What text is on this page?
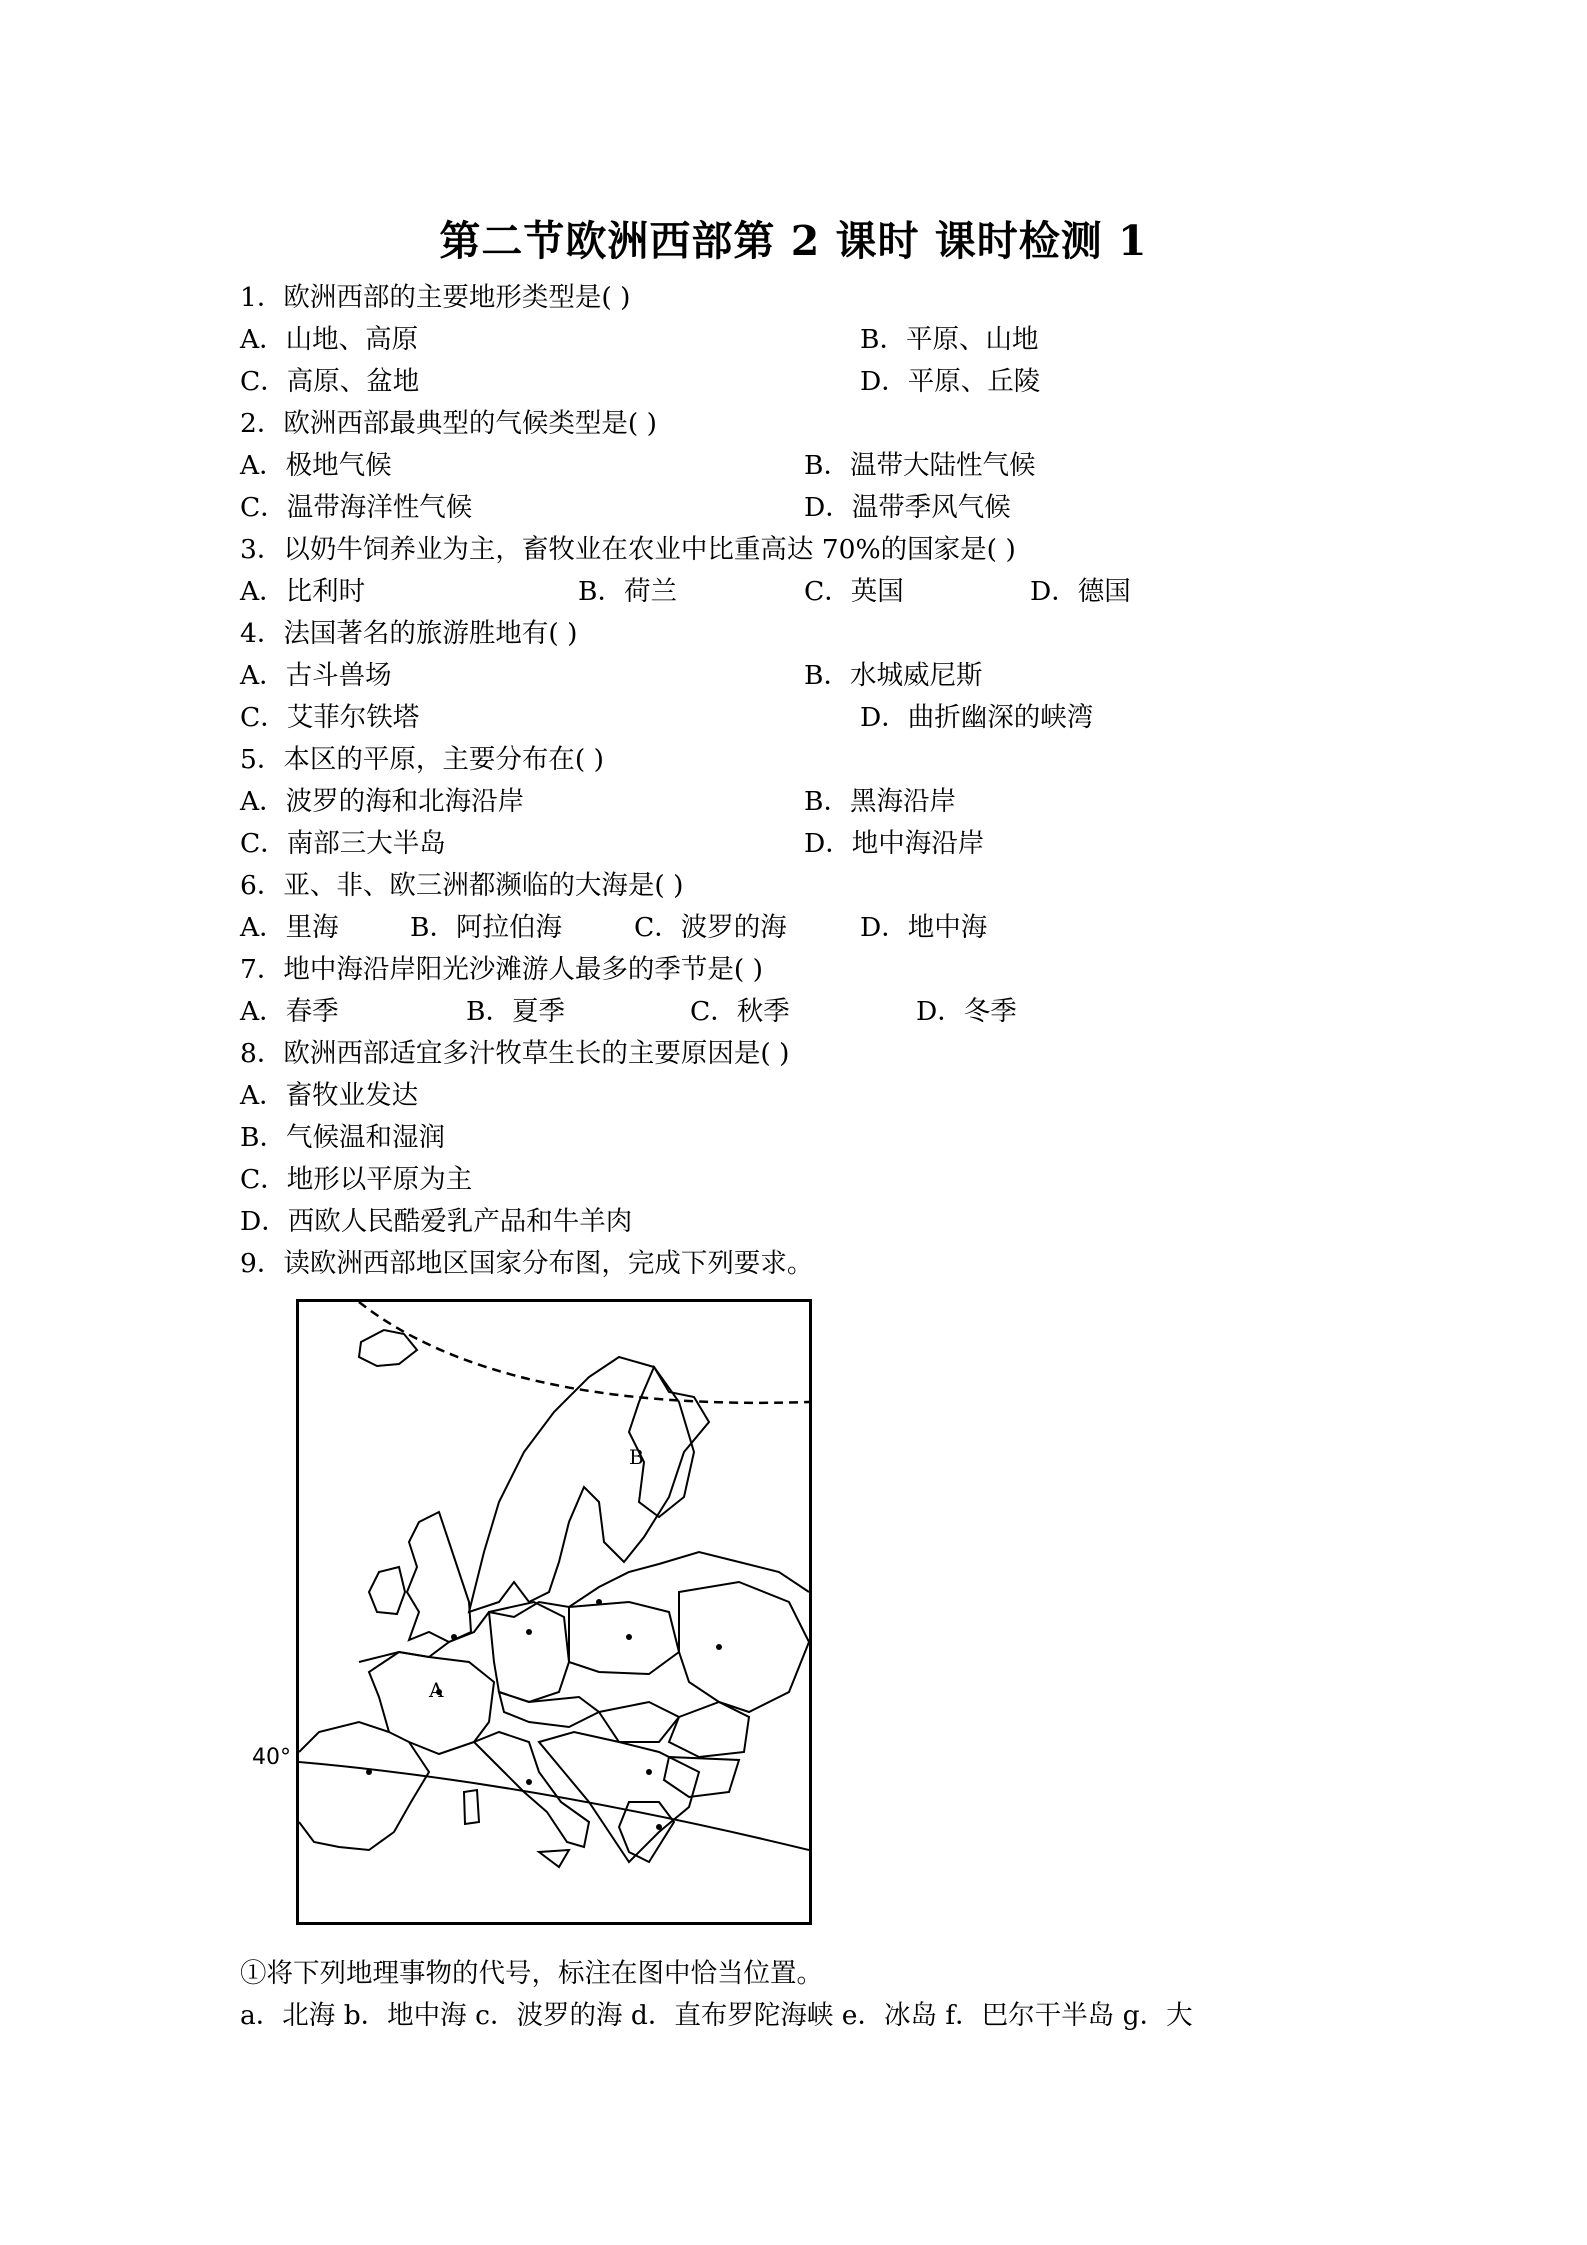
第二节欧洲西部第 2 课时 课时检测 1
1．欧洲西部的主要地形类型是( )
A．山地、高原	B．平原、山地
C．高原、盆地	D．平原、丘陵
2．欧洲西部最典型的气候类型是( )
A．极地气候	B．温带大陆性气候
C．温带海洋性气候	D．温带季风气候
3．以奶牛饲养业为主，畜牧业在农业中比重高达 70%的国家是( )
A．比利时	B．荷兰	C．英国	D．德国
4．法国著名的旅游胜地有( )
A．古斗兽场	B．水城威尼斯
C．艾菲尔铁塔	D．曲折幽深的峡湾
5．本区的平原，主要分布在( )
A．波罗的海和北海沿岸	B．黑海沿岸
C．南部三大半岛	D．地中海沿岸
6．亚、非、欧三洲都濒临的大海是( )
A．里海	B．阿拉伯海	C．波罗的海	D．地中海
7．地中海沿岸阳光沙滩游人最多的季节是( )
A．春季	B．夏季	C．秋季	D．冬季
8．欧洲西部适宜多汁牧草生长的主要原因是( )
A．畜牧业发达
B．气候温和湿润
C．地形以平原为主
D．西欧人民酷爱乳产品和牛羊肉
9．读欧洲西部地区国家分布图，完成下列要求。
40°
A
B
①将下列地理事物的代号，标注在图中恰当位置。
a．北海 b．地中海 c．波罗的海 d．直布罗陀海峡 e．冰岛 f．巴尔干半岛 g．大
